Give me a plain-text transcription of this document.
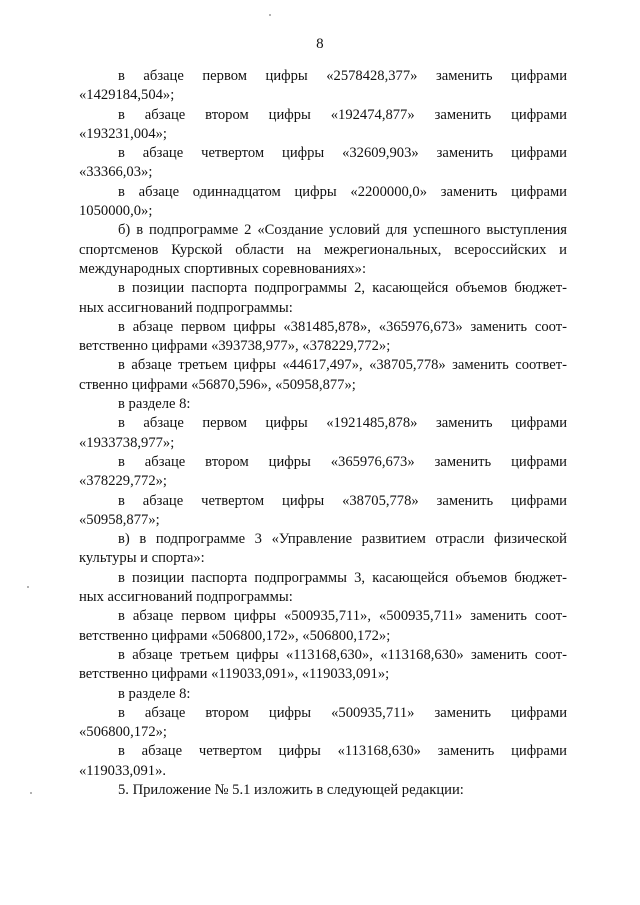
8
в абзаце первом цифры «2578428,377» заменить цифрами
«1429184,504»;
в абзаце втором цифры «192474,877» заменить цифрами
«193231,004»;
в абзаце четвертом цифры «32609,903» заменить цифрами
«33366,03»;
в абзаце одиннадцатом цифры «2200000,0» заменить цифрами
1050000,0»;
б) в подпрограмме 2 «Создание условий для успешного выступления
спортсменов Курской области на межрегиональных, всероссийских и
международных спортивных соревнованиях»:
в позиции паспорта подпрограммы 2, касающейся объемов бюджет-
ных ассигнований подпрограммы:
в абзаце первом цифры «381485,878», «365976,673» заменить соот-
ветственно цифрами «393738,977», «378229,772»;
в абзаце третьем цифры «44617,497», «38705,778» заменить соответ-
ственно цифрами «56870,596», «50958,877»;
в разделе 8:
в абзаце первом цифры «1921485,878» заменить цифрами
«1933738,977»;
в абзаце втором цифры «365976,673» заменить цифрами
«378229,772»;
в абзаце четвертом цифры «38705,778» заменить цифрами
«50958,877»;
в) в подпрограмме 3 «Управление развитием отрасли физической
культуры и спорта»:
в позиции паспорта подпрограммы 3, касающейся объемов бюджет-
ных ассигнований подпрограммы:
в абзаце первом цифры «500935,711», «500935,711» заменить соот-
ветственно цифрами «506800,172», «506800,172»;
в абзаце третьем цифры «113168,630», «113168,630» заменить соот-
ветственно цифрами «119033,091», «119033,091»;
в разделе 8:
в абзаце втором цифры «500935,711» заменить цифрами
«506800,172»;
в абзаце четвертом цифры «113168,630» заменить цифрами
«119033,091».
5. Приложение № 5.1 изложить в следующей редакции:
